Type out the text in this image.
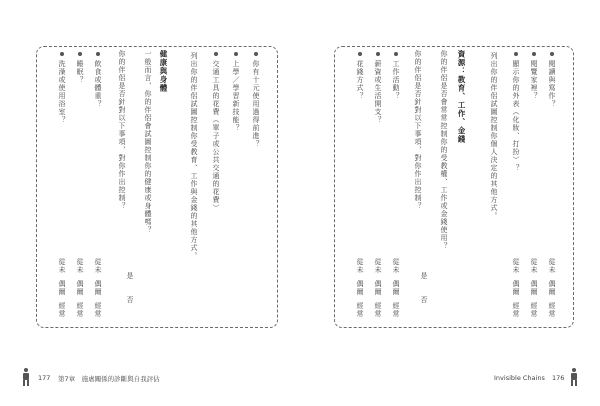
你有十元使用過得前進？
上學／學習新技能？
交通工具的花費（單子或公共交通的花費）
列出你的伴侶試圖控制你受教育、工作與金錢的其他方式。
健康與身體
一般而言，你的伴侶會試圖控制你的健康或身體嗎？
是
否
你的伴侶是否針對以下事項，對你作出控制？
飲食或體重？
從未
偶爾
經常
睡眠？
從未
偶爾
經常
洗澡或使用浴室？
從未
偶爾
經常
177 第7章　施虐關係的診斷與自我評估
閱讀與寫作？
從未
偶爾
經常
閱覽家裡？
從未
偶爾
經常
顯示你的外表（化妝、打扮）？
從未
偶爾
經常
列出你的伴侶試圖控制你個人決定的其他方式。
資源：教育、工作、金錢
你的伴侶是否會常常控制你的受教權、工作或金錢使用？
是
否
你的伴侶是否針對以下事項，對你作出控制？
工作活動？
從未
偶爾
經常
薪資或生活開支？
從未
偶爾
經常
花錢方式？
從未
偶爾
經常
Invisible Chains 176
